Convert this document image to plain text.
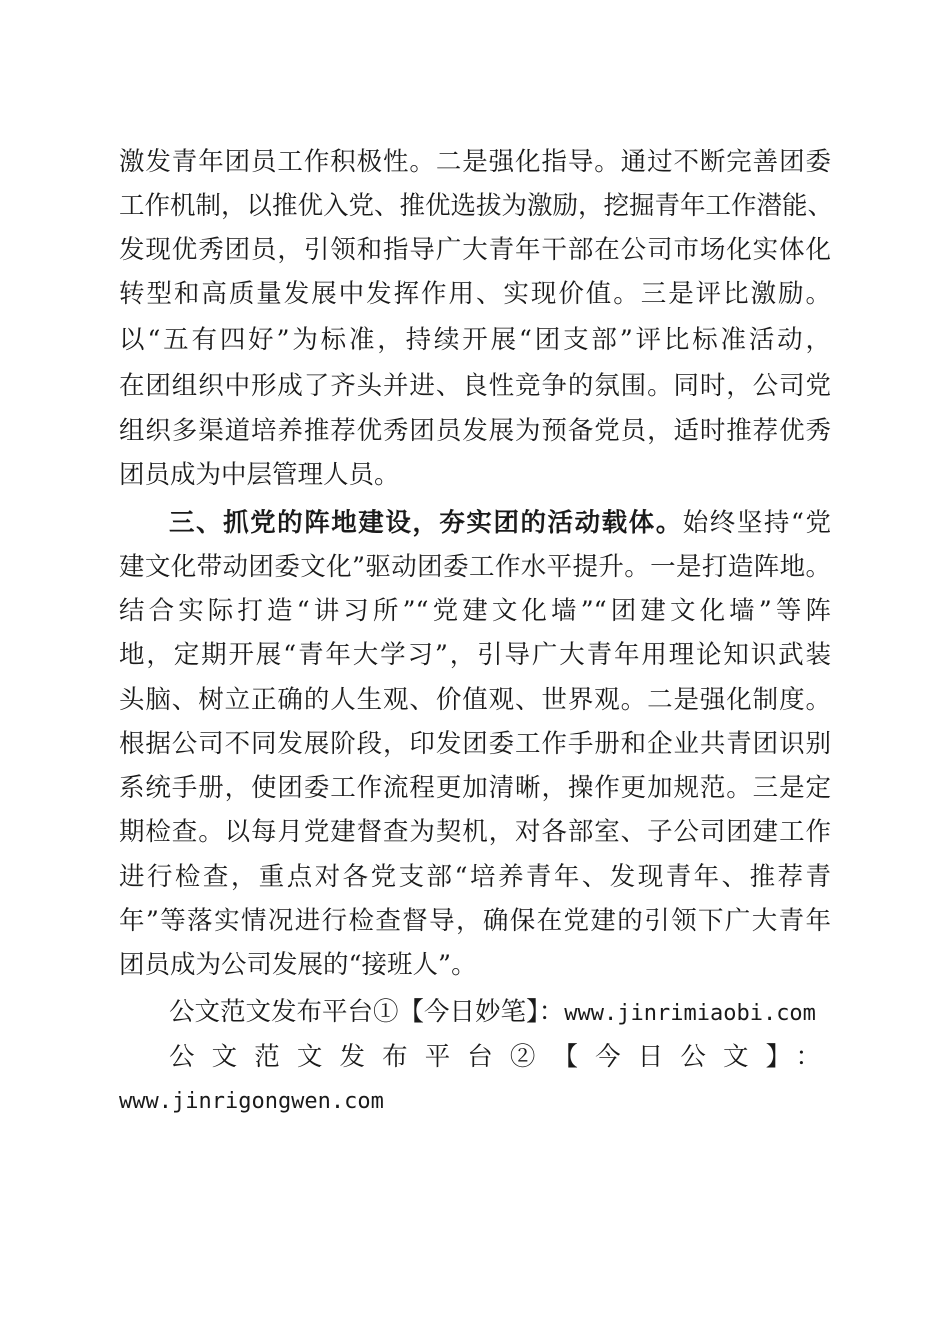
激发青年团员工作积极性。二是强化指导。通过不断完善团委
工作机制，以推优入党、推优选拔为激励，挖掘青年工作潜能、
发现优秀团员，引领和指导广大青年干部在公司市场化实体化
转型和高质量发展中发挥作用、实现价值。三是评比激励。
以“五有四好”为标准，持续开展“团支部”评比标准活动，
在团组织中形成了齐头并进、良性竞争的氛围。同时，公司党
组织多渠道培养推荐优秀团员发展为预备党员，适时推荐优秀
团员成为中层管理人员。
三、抓党的阵地建设，夯实团的活动载体。始终坚持“党
建文化带动团委文化”驱动团委工作水平提升。一是打造阵地。
结合实际打造“讲习所”“党建文化墙”“团建文化墙”等阵
地，定期开展“青年大学习”，引导广大青年用理论知识武装
头脑、树立正确的人生观、价值观、世界观。二是强化制度。
根据公司不同发展阶段，印发团委工作手册和企业共青团识别
系统手册，使团委工作流程更加清晰，操作更加规范。三是定
期检查。以每月党建督查为契机，对各部室、子公司团建工作
进行检查，重点对各党支部“培养青年、发现青年、推荐青
年”等落实情况进行检查督导，确保在党建的引领下广大青年
团员成为公司发展的“接班人”。
公文范文发布平台①【今日妙笔】：www.jinrimiaobi.com
公文范文发布平台②【今日公文】：
www.jinrigongwen.com
